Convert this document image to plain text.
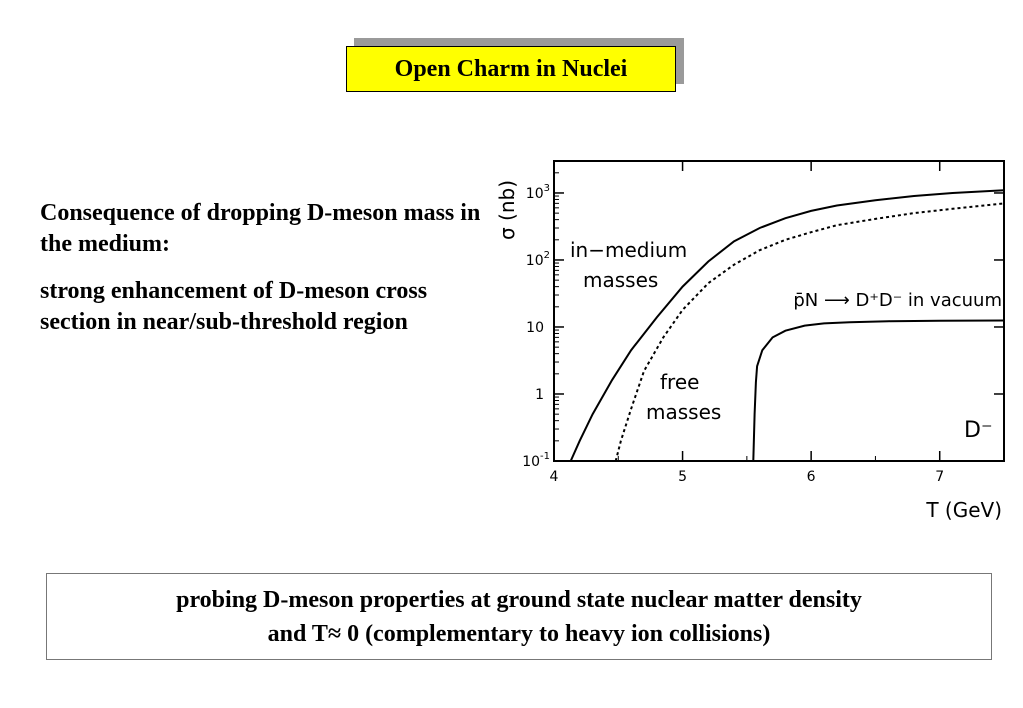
Open Charm in Nuclei

Consequence of dropping D-meson mass in the medium:

strong enhancement of D-meson cross section in near/sub-threshold region

4	5	6	7
$10^{-1}$
1
10
$10^2$
$10^3$
σ (nb)
T (GeV)
in−medium
masses
free
masses
p̄N ⟶ D⁺D⁻ in vacuum
D⁻
probing D-meson properties at ground state nuclear matter density
and T≈ 0 (complementary to heavy ion collisions)
